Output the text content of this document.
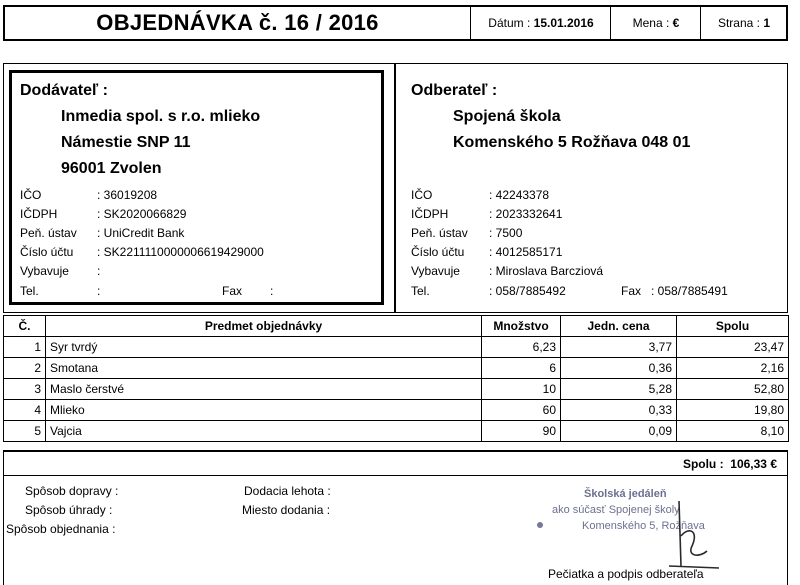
OBJEDNÁVKA č. 16 / 2016	Dátum :
15.01.2016	Mena :
€	Strana :
1
Dodávateľ :
Inmedia spol. s r.o. mlieko
Námestie SNP 11
96001 Zvolen
IČO	: 36019208
IČDPH	: SK2020066829
Peň. ústav : UniCredit Bank
Číslo účtu : SK2211110000006619429000
Vybavuje :
Tel.	:	Fax :
Odberateľ :
Spojená škola
Komenského 5 Rožňava 048 01
IČO	: 42243378
IČDPH	: 2023332641
Peň. ústav : 7500
Číslo účtu : 4012585171
Vybavuje : Miroslava Barcziová
Tel.	: 058/7885492	Fax : 058/7885491
Č.	Predmet objednávky	Množstvo	Jedn. cena	Spolu
1	Syr tvrdý	6,23	3,77	23,47
2	Smotana	6	0,36	2,16
3	Maslo čerstvé	10	5,28	52,80
4	Mlieko	60	0,33	19,80
5	Vajcia	90	0,09	8,10
Spolu : 106,33 €
Spôsob dopravy :
Spôsob úhrady :
Spôsob objednania :
Dodacia lehota :
Miesto dodania :
Školská jedáleň
ako súčasť Spojenej školy
Komenského 5, Rožňava
Pečiatka a podpis odberateľa
